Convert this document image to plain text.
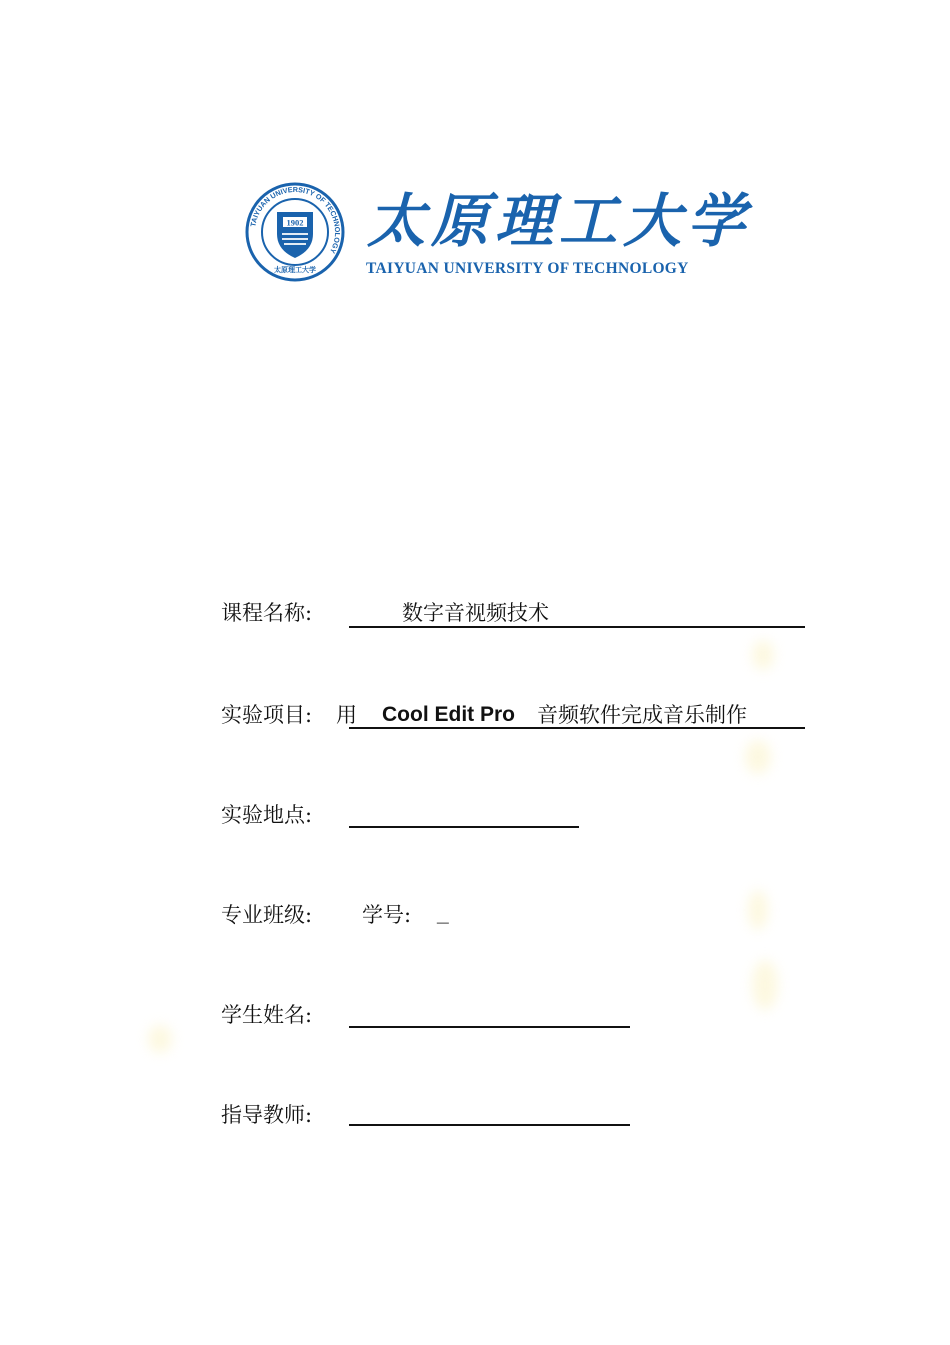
TAIYUAN UNIVERSITY OF TECHNOLOGY
1902
太原理工大学
太原理工大学
TAIYUAN UNIVERSITY OF TECHNOLOGY
课程名称:	数字音视频技术
实验项目: 用 Cool Edit Pro 音频软件完成音乐制作
实验地点:
专业班级: 学号: _
学生姓名:
指导教师:
